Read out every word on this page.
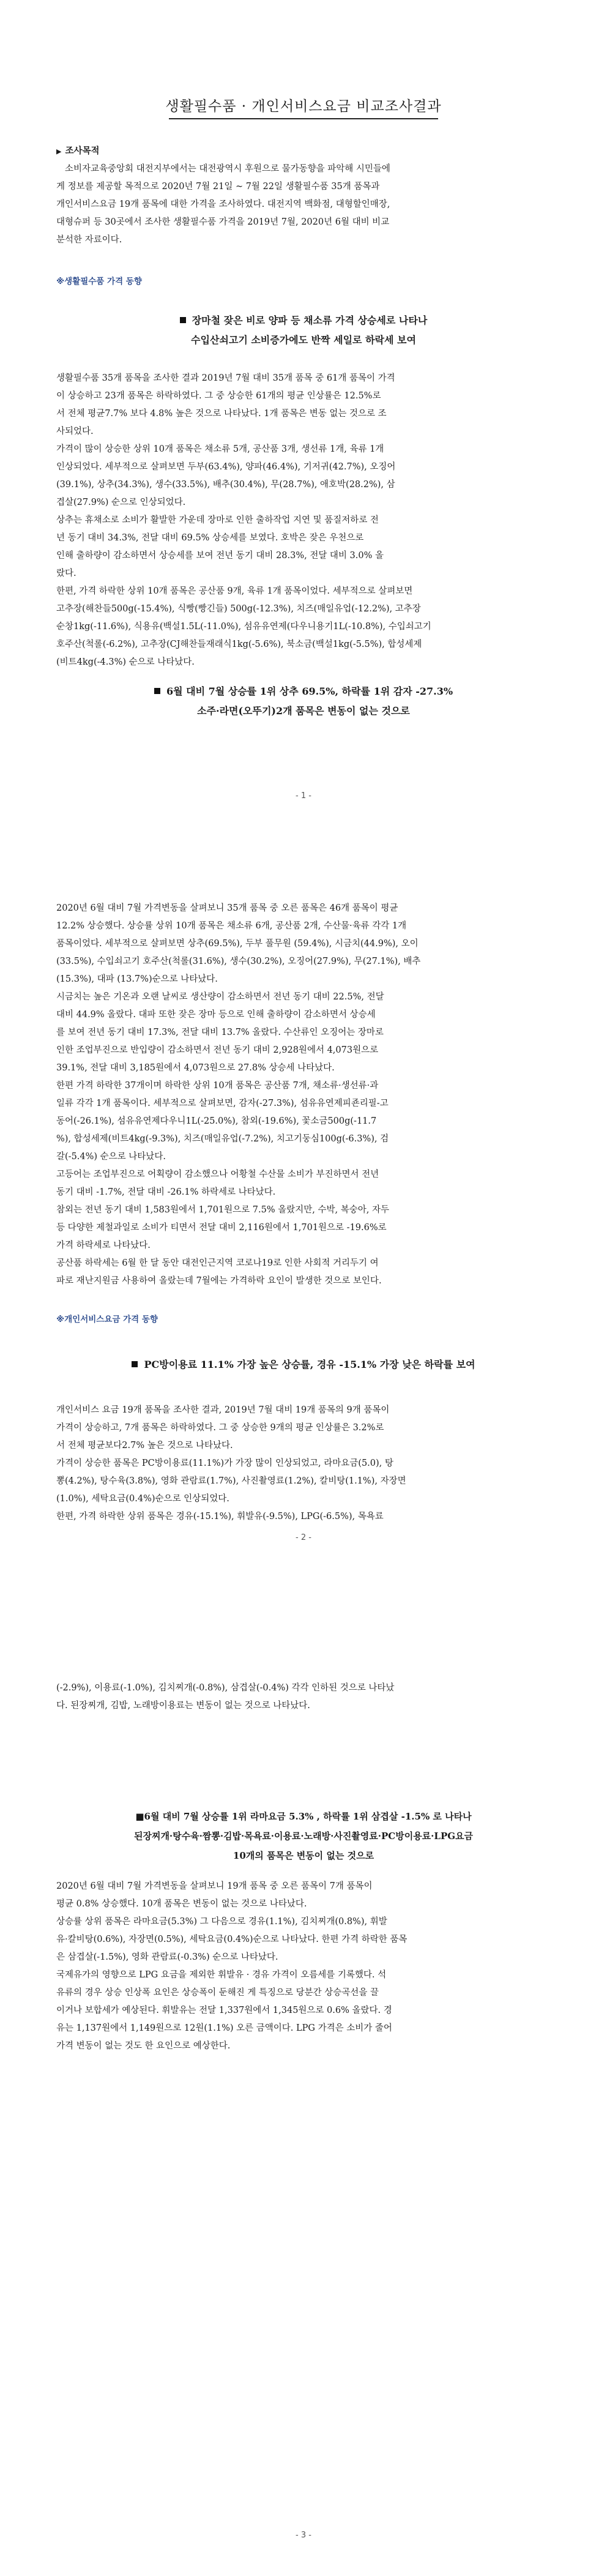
생활필수품 · 개인서비스요금 비교조사결과
▶ 조사목적
소비자교육중앙회 대전지부에서는 대전광역시 후원으로 물가동향을 파악해 시민들에
게 정보를 제공할 목적으로 2020년 7월 21일 ~ 7월 22일 생활필수품 35개 품목과
개인서비스요금 19개 품목에 대한 가격을 조사하였다. 대전지역 백화점, 대형할인매장,
대형슈퍼 등 30곳에서 조사한 생활필수품 가격을 2019년 7월, 2020년 6월 대비 비교
분석한 자료이다.
※생활필수품 가격 동향
장마철 잦은 비로 양파 등 채소류 가격 상승세로 나타나
수입산쇠고기 소비증가에도 반짝 세일로 하락세 보여
생활필수품 35개 품목을 조사한 결과 2019년 7월 대비 35개 품목 중 61개 품목이 가격
이 상승하고 23개 품목은 하락하였다. 그 중 상승한 61개의 평균 인상률은 12.5%로
서 전체 평균7.7% 보다 4.8% 높은 것으로 나타났다. 1개 품목은 변동 없는 것으로 조
사되었다.
가격이 많이 상승한 상위 10개 품목은 채소류 5개, 공산품 3개, 생선류 1개, 육류 1개
인상되었다. 세부적으로 살펴보면 두부(63.4%), 양파(46.4%), 기저귀(42.7%), 오징어
(39.1%), 상추(34.3%), 생수(33.5%), 배추(30.4%), 무(28.7%), 애호박(28.2%), 삼
겹살(27.9%) 순으로 인상되었다.
상추는 휴채소로 소비가 활발한 가운데 장마로 인한 출하작업 지연 및 품질저하로 전
년 동기 대비 34.3%, 전달 대비 69.5% 상승세를 보였다. 호박은 잦은 우천으로
인해 출하량이 감소하면서 상승세를 보여 전년 동기 대비 28.3%, 전달 대비 3.0% 올
랐다.
한편, 가격 하락한 상위 10개 품목은 공산품 9개, 육류 1개 품목이었다. 세부적으로 살펴보면
고추장(해찬들500g(-15.4%), 식빵(빵긴들) 500g(-12.3%), 치즈(매일유업(-12.2%), 고추장
순창1kg(-11.6%), 식용유(백설1.5L(-11.0%), 섬유유연제(다우니용기1L(-10.8%), 수입쇠고기
호주산(척롤(-6.2%), 고추장(CJ해찬들재래식1kg(-5.6%), 북소금(백설1kg(-5.5%), 합성세제
(비트4kg(-4.3%) 순으로 나타났다.
6월 대비 7월 상승률 1위 상추 69.5%, 하락률 1위 감자 -27.3%
소주·라면(오뚜기)2개 품목은 변동이 없는 것으로
- 1 -
2020년 6월 대비 7월 가격변동을 살펴보니 35개 품목 중 오른 품목은 46개 품목이 평균
12.2% 상승했다. 상승률 상위 10개 품목은 채소류 6개, 공산품 2개, 수산물·육류 각각 1개
품목이었다. 세부적으로 살펴보면 상추(69.5%), 두부 풀무원 (59.4%), 시금치(44.9%), 오이
(33.5%), 수입쇠고기 호주산(척롤(31.6%), 생수(30.2%), 오징어(27.9%), 무(27.1%), 배추
(15.3%), 대파 (13.7%)순으로 나타났다.
시금치는 높은 기온과 오랜 날씨로 생산량이 감소하면서 전년 동기 대비 22.5%, 전달
대비 44.9% 올랐다. 대파 또한 잦은 장마 등으로 인해 출하량이 감소하면서 상승세
를 보여 전년 동기 대비 17.3%, 전달 대비 13.7% 올랐다. 수산류인 오징어는 장마로
인한 조업부진으로 반입량이 감소하면서 전년 동기 대비 2,928원에서 4,073원으로
39.1%, 전달 대비 3,185원에서 4,073원으로 27.8% 상승세 나타났다.
한편 가격 하락한 37개이며 하락한 상위 10개 품목은 공산품 7개, 채소류·생선류·과
일류 각각 1개 품목이다. 세부적으로 살펴보면, 감자(-27.3%), 섬유유연제피죤리필-고
동어(-26.1%), 섬유유연제다우니1L(-25.0%), 참외(-19.6%), 꽃소금500g(-11.7
%), 합성세제(비트4kg(-9.3%), 치즈(매일유업(-7.2%), 치고기둥심100g(-6.3%), 검
갈(-5.4%) 순으로 나타났다.
고등어는 조업부진으로 어획량이 감소했으나 어황철 수산물 소비가 부진하면서 전년
동기 대비 -1.7%, 전달 대비 -26.1% 하락세로 나타났다.
참외는 전년 동기 대비 1,583원에서 1,701원으로 7.5% 올랐지만, 수박, 복숭아, 자두
등 다양한 제철과일로 소비가 티면서 전달 대비 2,116원에서 1,701원으로 -19.6%로
가격 하락세로 나타났다.
공산품 하락세는 6월 한 달 동안 대전인근지역 코로나19로 인한 사회적 거리두기 여
파로 재난지원금 사용하여 올랐는데 7월에는 가격하락 요인이 발생한 것으로 보인다.
※개인서비스요금 가격 동향
PC방이용료 11.1% 가장 높은 상승률, 경유 -15.1% 가장 낮은 하락률 보여
개인서비스 요금 19개 품목을 조사한 결과, 2019년 7월 대비 19개 품목의 9개 품목이
가격이 상승하고, 7개 품목은 하락하였다. 그 중 상승한 9개의 평균 인상률은 3.2%로
서 전체 평균보다2.7% 높은 것으로 나타났다.
가격이 상승한 품목은 PC방이용료(11.1%)가 가장 많이 인상되었고, 라마요금(5.0), 탕
뽕(4.2%), 탕수육(3.8%), 영화 관람료(1.7%), 사진촬영료(1.2%), 칼비탕(1.1%), 자장면
(1.0%), 세탁요금(0.4%)순으로 인상되었다.
한편, 가격 하락한 상위 품목은 경유(-15.1%), 휘발유(-9.5%), LPG(-6.5%), 목욕료
- 2 -
(-2.9%), 이용료(-1.0%), 김치찌개(-0.8%), 삼겹살(-0.4%) 각각 인하된 것으로 나타났
다. 된장찌개, 김밥, 노래방이용료는 변동이 없는 것으로 나타났다.
■6월 대비 7월 상승률 1위 라마요금 5.3% , 하락률 1위 삼겹살 -1.5% 로 나타나
된장찌개·탕수육·짬뽕·김밥·목욕료·이용료·노래방·사진촬영료·PC방이용료·LPG요금
10개의 품목은 변동이 없는 것으로
2020년 6월 대비 7월 가격변동을 살펴보니 19개 품목 중 오른 품목이 7개 품목이
평균 0.8% 상승했다. 10개 품목은 변동이 없는 것으로 나타났다.
상승률 상위 품목은 라마요금(5.3%) 그 다음으로 경유(1.1%), 김치찌개(0.8%), 휘발
유·칼비탕(0.6%), 자장면(0.5%), 세탁요금(0.4%)순으로 나타났다. 한편 가격 하락한 품목
은 삼겹살(-1.5%), 영화 관람료(-0.3%) 순으로 나타났다.
국제유가의 영향으로 LPG 요금을 제외한 휘발유 · 경유 가격이 오름세를 기록했다. 석
유류의 경우 상승 인상폭 요인은 상승폭이 둔해진 게 특징으로 당분간 상승곡선을 끌
이거나 보합세가 예상된다. 휘발유는 전달 1,337원에서 1,345원으로 0.6% 올랐다. 경
유는 1,137원에서 1,149원으로 12원(1.1%) 오른 금액이다. LPG 가격은 소비가 줄어
가격 변동이 없는 것도 한 요인으로 예상한다.
- 3 -
